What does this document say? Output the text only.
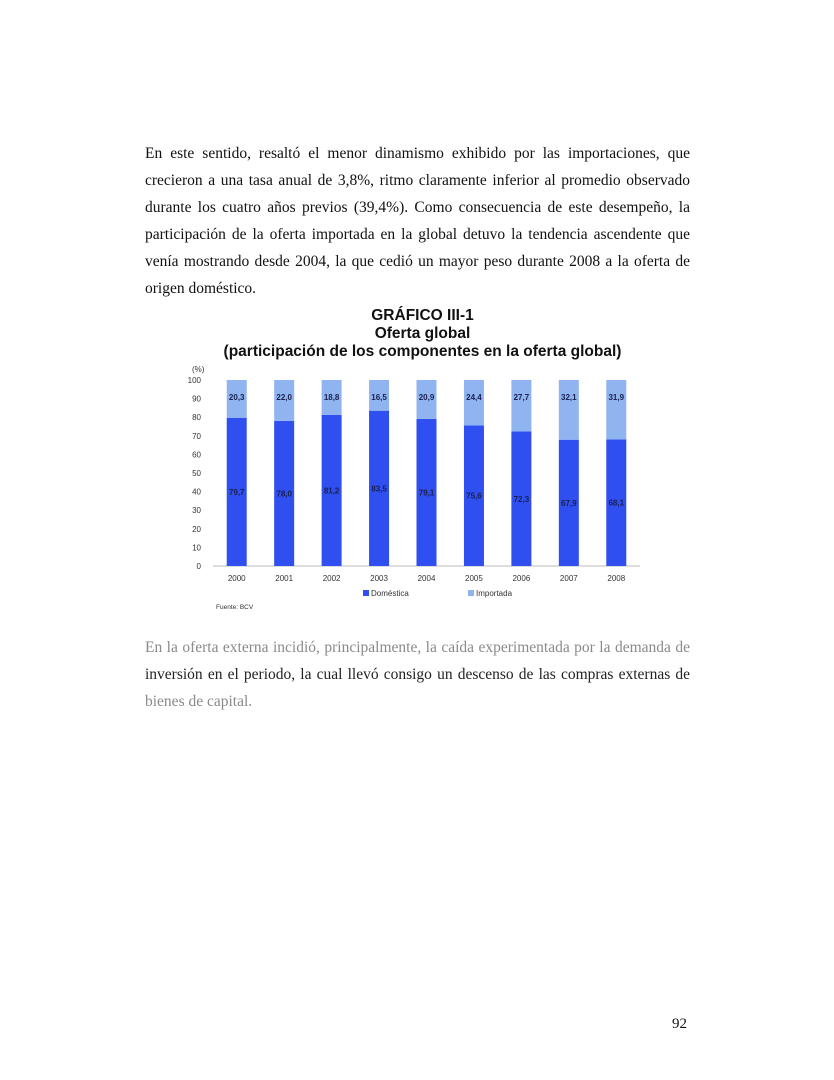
En este sentido, resaltó el menor dinamismo exhibido por las importaciones, que crecieron a una tasa anual de 3,8%, ritmo claramente inferior al promedio observado durante los cuatro años previos (39,4%). Como consecuencia de este desempeño, la participación de la oferta importada en la global detuvo la tendencia ascendente que venía mostrando desde 2004, la que cedió un mayor peso durante 2008 a la oferta de origen doméstico.

GRÁFICO III-1
Oferta global
(participación de los componentes en la oferta global)
(%)
0
10
20
30
40
50
60
70
80
90
100
79,7
20,3
2000
78,0
22,0
2001
81,2
18,8
2002
83,5
16,5
2003
79,1
20,9
2004
75,6
24,4
2005
72,3
27,7
2006
67,9
32,1
2007
68,1
31,9
2008
Doméstica	Importada
Fuente: BCV

En la oferta externa incidió, principalmente, la caída experimentada por la demanda de inversión en el periodo, la cual llevó consigo un descenso de las compras externas de bienes de capital.

92
